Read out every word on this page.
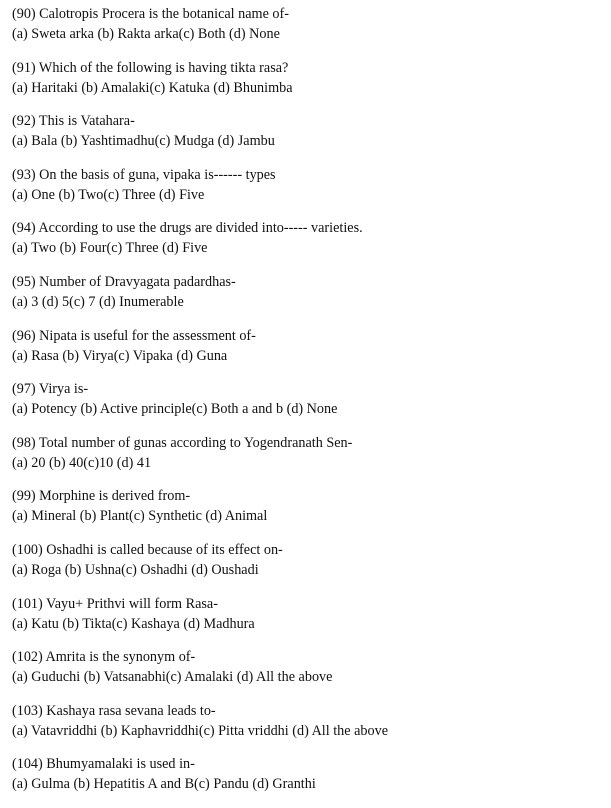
(90) Calotropis Procera is the botanical name of-
(a) Sweta arka (b) Rakta arka(c) Both (d) None
(91) Which of the following is having tikta rasa?
(a) Haritaki (b) Amalaki(c) Katuka (d) Bhunimba
(92) This is Vatahara-
(a) Bala (b) Yashtimadhu(c) Mudga (d) Jambu
(93) On the basis of guna, vipaka is------ types
(a) One (b) Two(c) Three (d) Five
(94) According to use the drugs are divided into----- varieties.
(a) Two (b) Four(c) Three (d) Five
(95) Number of Dravyagata padardhas-
(a) 3 (d) 5(c) 7 (d) Inumerable
(96) Nipata is useful for the assessment of-
(a) Rasa (b) Virya(c) Vipaka (d) Guna
(97) Virya is-
(a) Potency (b) Active principle(c) Both a and b (d) None
(98) Total number of gunas according to Yogendranath Sen-
(a) 20 (b) 40(c)10 (d) 41
(99) Morphine is derived from-
(a) Mineral (b) Plant(c) Synthetic (d) Animal
(100) Oshadhi is called because of its effect on-
(a) Roga (b) Ushna(c) Oshadhi (d) Oushadi
(101) Vayu+ Prithvi will form Rasa-
(a) Katu (b) Tikta(c) Kashaya (d) Madhura
(102) Amrita is the synonym of-
(a) Guduchi (b) Vatsanabhi(c) Amalaki (d) All the above
(103) Kashaya rasa sevana leads to-
(a) Vatavriddhi (b) Kaphavriddhi(c) Pitta vriddhi (d) All the above
(104) Bhumyamalaki is used in-
(a) Gulma (b) Hepatitis A and B(c) Pandu (d) Granthi
